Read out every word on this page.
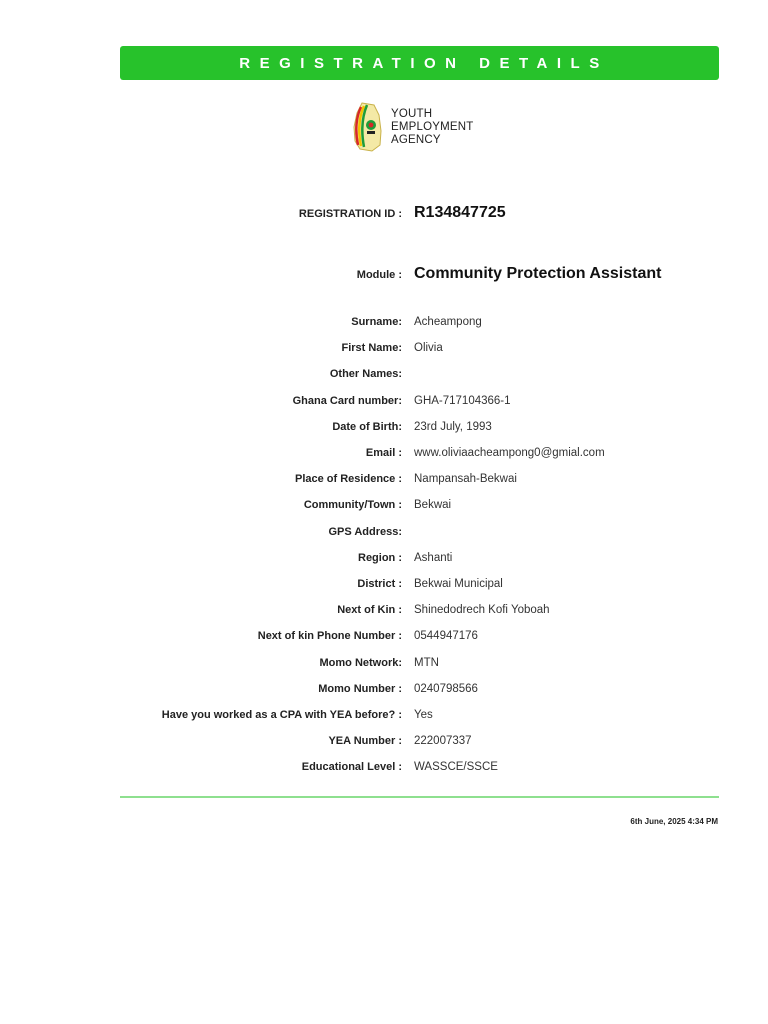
REGISTRATION DETAILS
YOUTH
EMPLOYMENT
AGENCY
REGISTRATION ID : R134847725
Module : Community Protection Assistant
Surname: Acheampong
First Name: Olivia
Other Names:
Ghana Card number: GHA-717104366-1
Date of Birth: 23rd July, 1993
Email : www.oliviaacheampong0@gmial.com
Place of Residence : Nampansah-Bekwai
Community/Town : Bekwai
GPS Address:
Region : Ashanti
District : Bekwai Municipal
Next of Kin : Shinedodrech Kofi Yoboah
Next of kin Phone Number : 0544947176
Momo Network: MTN
Momo Number : 0240798566
Have you worked as a CPA with YEA before? : Yes
YEA Number : 222007337
Educational Level : WASSCE/SSCE
6th June, 2025 4:34 PM
